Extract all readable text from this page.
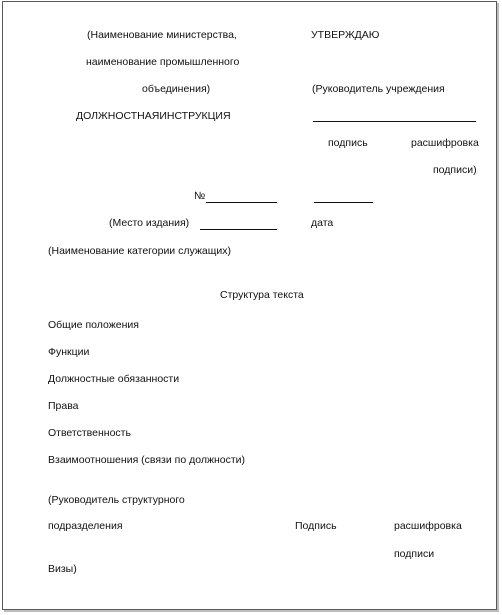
(Наименование министерства,
наименование промышленного
объединения)
ДОЛЖНОСТНАЯИНСТРУКЦИЯ
УТВЕРЖДАЮ
(Руководитель учреждения
подпись	расшифровка
подписи)
№
(Место издания)	дата
(Наименование категории служащих)
Структура текста
Общие положения
Функции
Должностные обязанности
Права
Ответственность
Взаимоотношения (связи по должности)
(Руководитель структурного
подразделения	Подпись	расшифровка
подписи
Визы)
